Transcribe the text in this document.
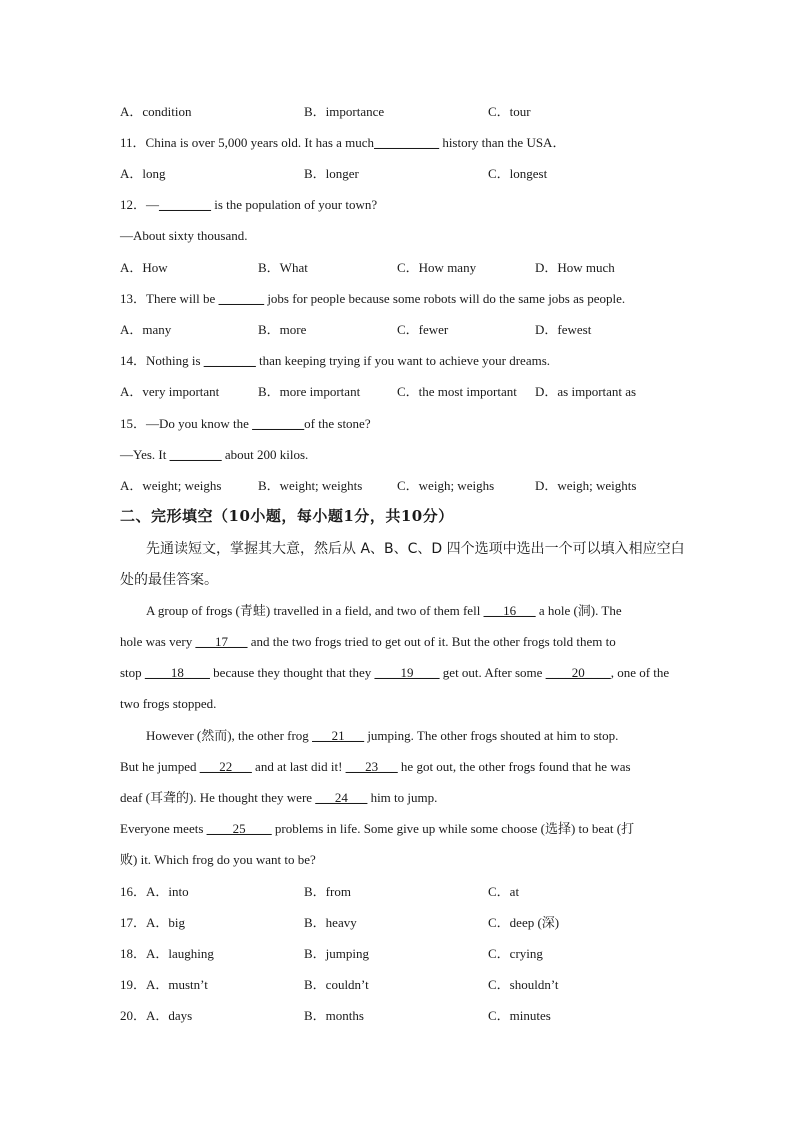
A．condition	B．importance	C．tour
11．China is over 5,000 years old. It has a much__________ history than the USA．
A．long	B．longer	C．longest
12．—________ is the population of your town?
—About sixty thousand.
A．How	B．What	C．How many	D．How much
13．There will be _______ jobs for people because some robots will do the same jobs as people.
A．many	B．more	C．fewer	D．fewest
14．Nothing is ________ than keeping trying if you want to achieve your dreams.
A．very important	B．more important	C．the most important D．as important as
15．—Do you know the ________of the stone?
—Yes. It ________ about 200 kilos.
A．weight; weighs	B．weight; weights	C．weigh; weighs	D．weigh; weights
二、完形填空（10小题，每小题1分，共10分）
先通读短文，掌握其大意，然后从 A、B、C、D 四个选项中选出一个可以填入相应空白
处的最佳答案。
A group of frogs (青蛙) travelled in a field, and two of them fell ___16___ a hole (洞). The
hole was very ___17___ and the two frogs tried to get out of it. But the other frogs told them to
stop ____18____ because they thought that they ____19____ get out. After some ____20____, one of the
two frogs stopped.
However (然而), the other frog ___21___ jumping. The other frogs shouted at him to stop.
But he jumped ___22___ and at last did it! ___23___ he got out, the other frogs found that he was
deaf (耳聋的). He thought they were ___24___ him to jump.
Everyone meets ____25____ problems in life. Some give up while some choose (选择) to beat (打
败) it. Which frog do you want to be?
16．A．into	B．from	C．at
17．A．big	B．heavy	C．deep (深)
18．A．laughing	B．jumping	C．crying
19．A．mustn’t	B．couldn’t	C．shouldn’t
20．A．days	B．months	C．minutes
